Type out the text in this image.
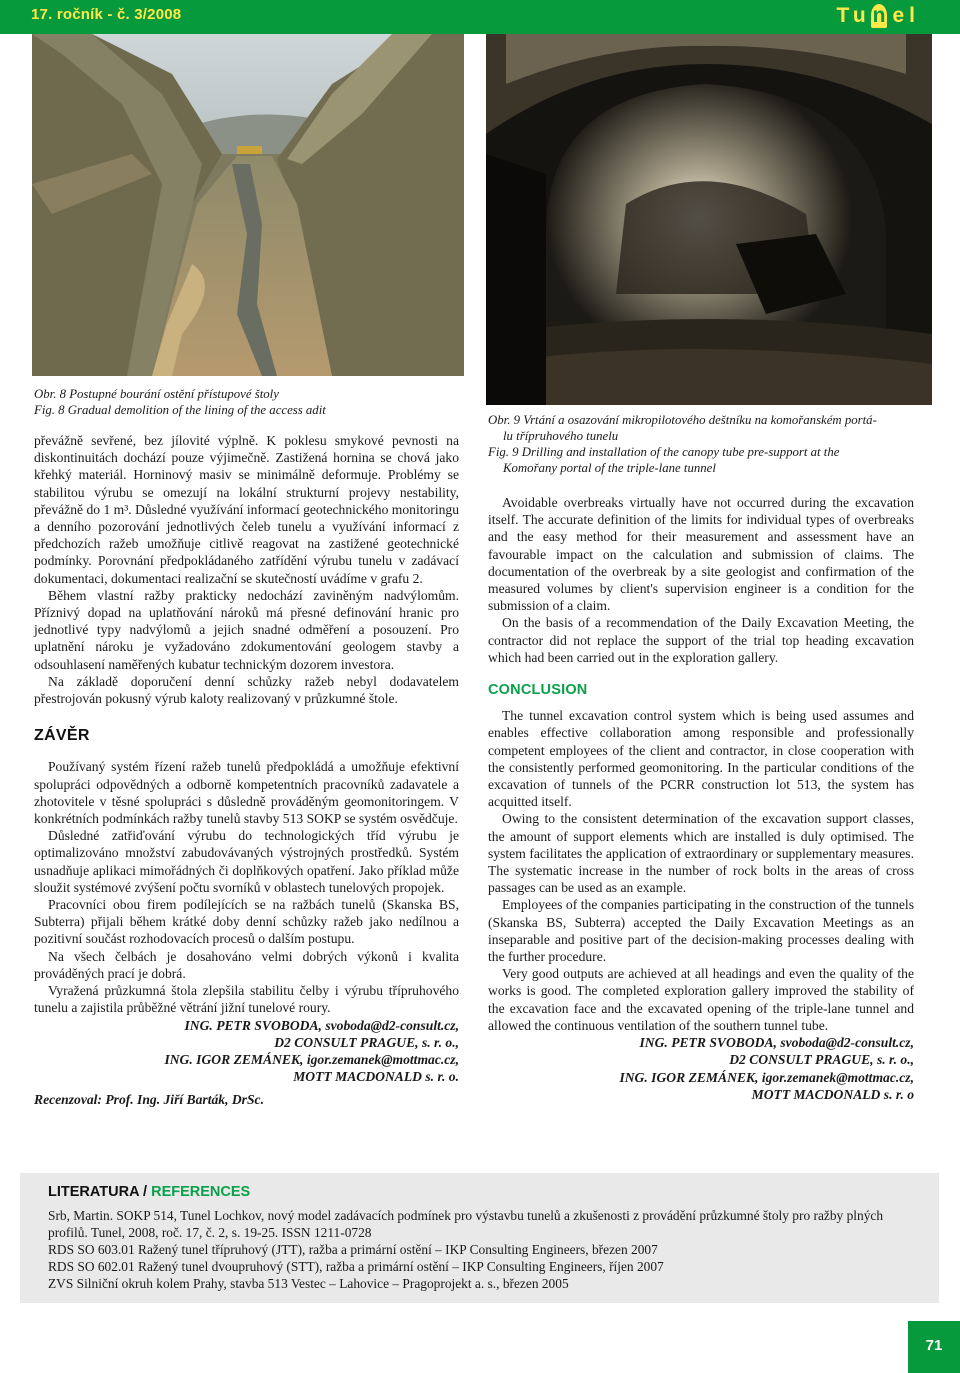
17. ročník - č. 3/2008	Tun el
Obr. 8 Postupné bourání ostění přístupové štoly
Fig. 8 Gradual demolition of the lining of the access adit
Obr. 9 Vrtání a osazování mikropilotového deštníku na komořanském portá-
lu třípruhového tunelu
Fig. 9 Drilling and installation of the canopy tube pre-support at the
Komořany portal of the triple-lane tunnel

převážně sevřené, bez jílovité výplně. K poklesu smykové pevnosti na diskontinuitách dochází pouze výjimečně. Zastižená hornina se chová jako křehký materiál. Horninový masiv se minimálně deformuje. Problémy se stabilitou výrubu se omezují na lokální strukturní projevy nestability, převážně do 1 m³. Důsledné využívání informací geotechnického monitoringu a denního pozorování jednotlivých čeleb tunelu a využívání informací z předchozích ražeb umožňuje citlivě reagovat na zastižené geotechnické podmínky. Porovnání předpokládaného zatřídění výrubu tunelu v zadávací dokumentaci, dokumentaci realizační se skutečností uvádíme v grafu 2.

Během vlastní ražby prakticky nedochází zaviněným nadvýlomům. Příznivý dopad na uplatňování nároků má přesné definování hranic pro jednotlivé typy nadvýlomů a jejich snadné odměření a posouzení. Pro uplatnění nároku je vyžadováno zdokumentování geologem stavby a odsouhlasení naměřených kubatur technickým dozorem investora.

Na základě doporučení denní schůzky ražeb nebyl dodavatelem přestrojován pokusný výrub kaloty realizovaný v průzkumné štole.

ZÁVĚR

Používaný systém řízení ražeb tunelů předpokládá a umožňuje efektivní spolupráci odpovědných a odborně kompetentních pracovníků zadavatele a zhotovitele v těsné spolupráci s důsledně prováděným geomonitoringem. V konkrétních podmínkách ražby tunelů stavby 513 SOKP se systém osvědčuje.

Důsledné zatřiďování výrubu do technologických tříd výrubu je optimalizováno množství zabudovávaných výstrojných prostředků. Systém usnadňuje aplikaci mimořádných či doplňkových opatření. Jako příklad může sloužit systémové zvýšení počtu svorníků v oblastech tunelových propojek.

Pracovníci obou firem podílejících se na ražbách tunelů (Skanska BS, Subterra) přijali během krátké doby denní schůzky ražeb jako nedílnou a pozitivní součást rozhodovacích procesů o dalším postupu.

Na všech čelbách je dosahováno velmi dobrých výkonů i kvalita prováděných prací je dobrá.

Vyražená průzkumná štola zlepšila stabilitu čelby i výrubu třípruhového tunelu a zajistila průběžné větrání jižní tunelové roury.

ING. PETR SVOBODA, svoboda@d2-consult.cz,
D2 CONSULT PRAGUE, s. r. o.,
ING. IGOR ZEMÁNEK, igor.zemanek@mottmac.cz,
MOTT MACDONALD s. r. o.
Recenzoval: Prof. Ing. Jiří Barták, DrSc.

Avoidable overbreaks virtually have not occurred during the excavation itself. The accurate definition of the limits for individual types of overbreaks and the easy method for their measurement and assessment have an favourable impact on the calculation and submission of claims. The documentation of the overbreak by a site geologist and confirmation of the measured volumes by client's supervision engineer is a condition for the submission of a claim.

On the basis of a recommendation of the Daily Excavation Meeting, the contractor did not replace the support of the trial top heading excavation which had been carried out in the exploration gallery.

CONCLUSION

The tunnel excavation control system which is being used assumes and enables effective collaboration among responsible and professionally competent employees of the client and contractor, in close cooperation with the consistently performed geomonitoring. In the particular conditions of the excavation of tunnels of the PCRR construction lot 513, the system has acquitted itself.

Owing to the consistent determination of the excavation support classes, the amount of support elements which are installed is duly optimised. The system facilitates the application of extraordinary or supplementary measures. The systematic increase in the number of rock bolts in the areas of cross passages can be used as an example.

Employees of the companies participating in the construction of the tunnels (Skanska BS, Subterra) accepted the Daily Excavation Meetings as an inseparable and positive part of the decision-making processes dealing with the further procedure.

Very good outputs are achieved at all headings and even the quality of the works is good. The completed exploration gallery improved the stability of the excavation face and the excavated opening of the triple-lane tunnel and allowed the continuous ventilation of the southern tunnel tube.

ING. PETR SVOBODA, svoboda@d2-consult.cz,
D2 CONSULT PRAGUE, s. r. o.,
ING. IGOR ZEMÁNEK, igor.zemanek@mottmac.cz,
MOTT MACDONALD s. r. o
LITERATURA / REFERENCES
Srb, Martin. SOKP 514, Tunel Lochkov, nový model zadávacích podmínek pro výstavbu tunelů a zkušenosti z provádění průzkumné štoly pro ražby plných profilů. Tunel, 2008, roč. 17, č. 2, s. 19-25. ISSN 1211-0728
RDS SO 603.01 Ražený tunel třípruhový (JTT), ražba a primární ostění – IKP Consulting Engineers, březen 2007
RDS SO 602.01 Ražený tunel dvoupruhový (STT), ražba a primární ostění – IKP Consulting Engineers, říjen 2007
ZVS Silniční okruh kolem Prahy, stavba 513 Vestec – Lahovice – Pragoprojekt a. s., březen 2005
71
